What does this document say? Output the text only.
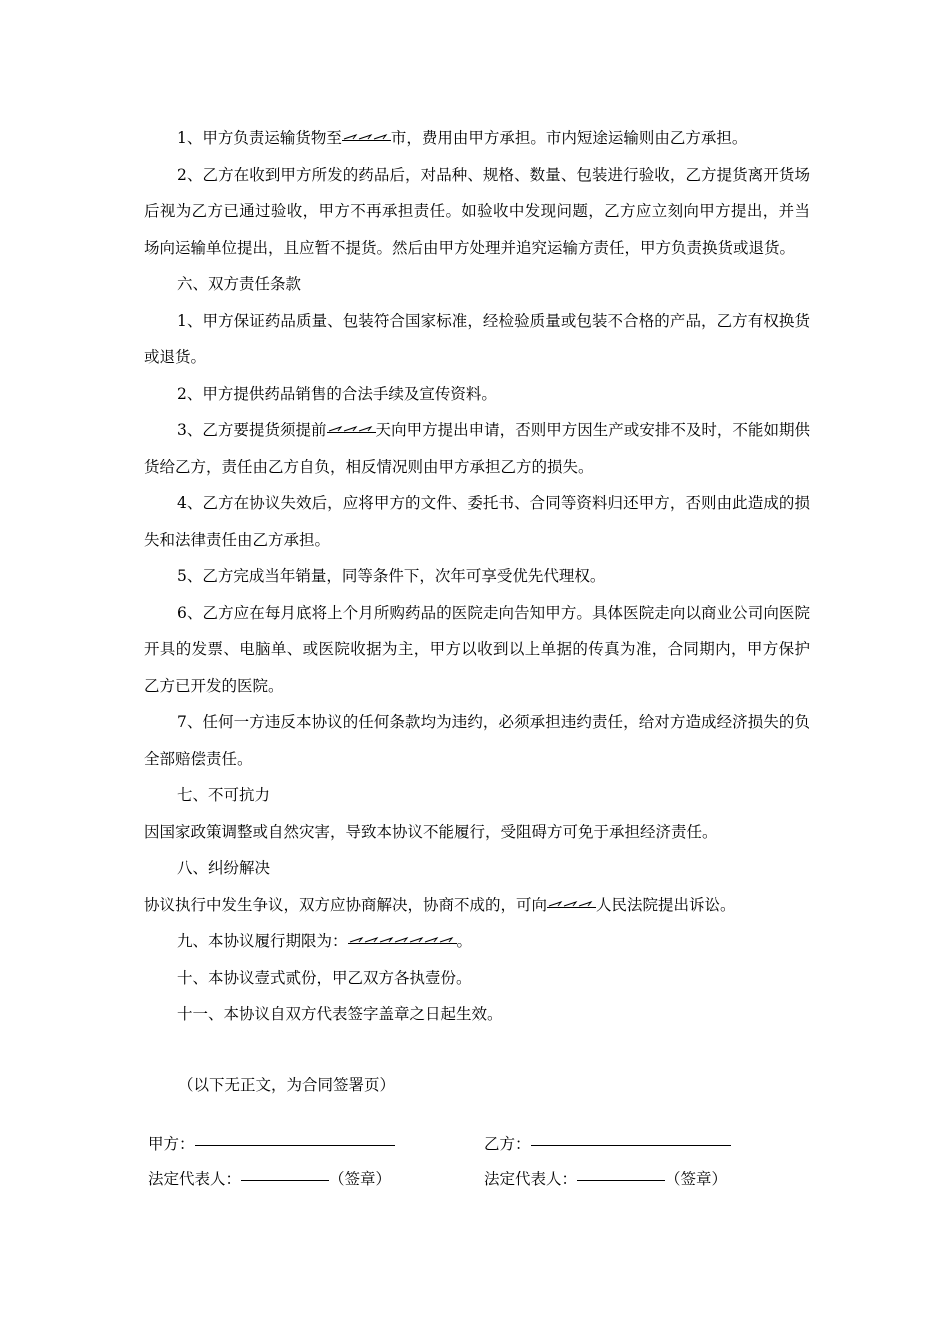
1、甲方负责运输货物至	市，费用由甲方承担。市内短途运输则由乙方承担。

2、乙方在收到甲方所发的药品后，对品种、规格、数量、包装进行验收，乙方提货离开货场后视为乙方已通过验收，甲方不再承担责任。如验收中发现问题，乙方应立刻向甲方提出，并当场向运输单位提出，且应暂不提货。然后由甲方处理并追究运输方责任，甲方负责换货或退货。

六、双方责任条款

1、甲方保证药品质量、包装符合国家标准，经检验质量或包装不合格的产品，乙方有权换货或退货。

2、甲方提供药品销售的合法手续及宣传资料。

3、乙方要提货须提前	天向甲方提出申请，否则甲方因生产或安排不及时，不能如期供货给乙方，责任由乙方自负，相反情况则由甲方承担乙方的损失。

4、乙方在协议失效后，应将甲方的文件、委托书、合同等资料归还甲方，否则由此造成的损失和法律责任由乙方承担。

5、乙方完成当年销量，同等条件下，次年可享受优先代理权。

6、乙方应在每月底将上个月所购药品的医院走向告知甲方。具体医院走向以商业公司向医院开具的发票、电脑单、或医院收据为主，甲方以收到以上单据的传真为准，合同期内，甲方保护乙方已开发的医院。

7、任何一方违反本协议的任何条款均为违约，必须承担违约责任，给对方造成经济损失的负全部赔偿责任。

七、不可抗力

因国家政策调整或自然灾害，导致本协议不能履行，受阻碍方可免于承担经济责任。

八、纠纷解决

协议执行中发生争议，双方应协商解决，协商不成的，可向	人民法院提出诉讼。

九、本协议履行期限为：	。

十、本协议壹式贰份，甲乙双方各执壹份。

十一、本协议自双方代表签字盖章之日起生效。

（以下无正文，为合同签署页）
甲方：	乙方：
法定代表人：	（签章）	法定代表人：	（签章）
